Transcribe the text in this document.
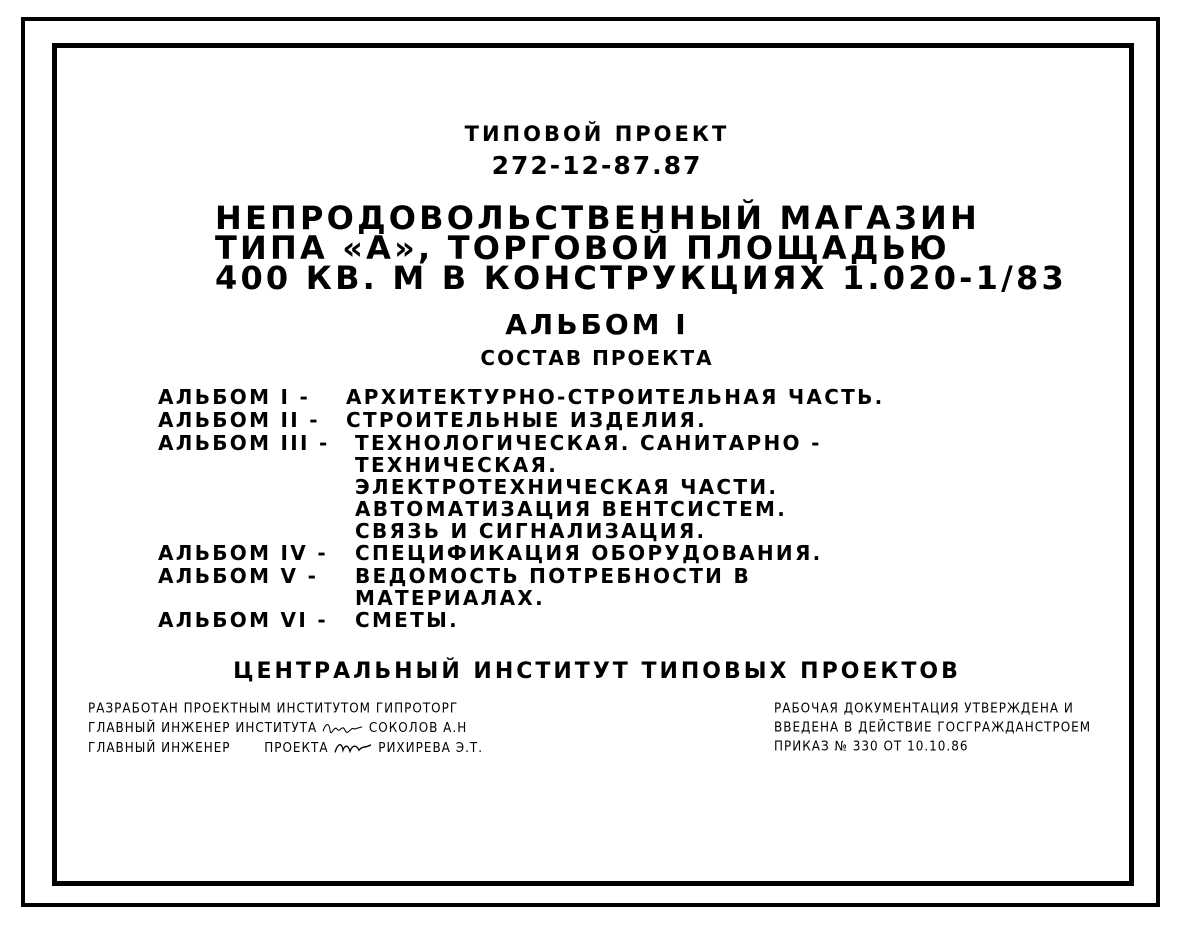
ТИПОВОЙ ПРОЕКТ
272-12-87.87
НЕПРОДОВОЛЬСТВЕННЫЙ МАГАЗИН
ТИПА «А», ТОРГОВОЙ ПЛОЩАДЬЮ
400 КВ. М В КОНСТРУКЦИЯХ 1.020-1/83
АЛЬБОМ I
СОСТАВ ПРОЕКТА
АЛЬБОМ I - АРХИТЕКТУРНО-СТРОИТЕЛЬНАЯ ЧАСТЬ.
АЛЬБОМ II - СТРОИТЕЛЬНЫЕ ИЗДЕЛИЯ.
АЛЬБОМ III - ТЕХНОЛОГИЧЕСКАЯ. САНИТАРНО -
ТЕХНИЧЕСКАЯ.
ЭЛЕКТРОТЕХНИЧЕСКАЯ ЧАСТИ.
АВТОМАТИЗАЦИЯ ВЕНТСИСТЕМ.
СВЯЗЬ И СИГНАЛИЗАЦИЯ.
АЛЬБОМ IV - СПЕЦИФИКАЦИЯ ОБОРУДОВАНИЯ.
АЛЬБОМ V - ВЕДОМОСТЬ ПОТРЕБНОСТИ В
МАТЕРИАЛАХ.
АЛЬБОМ VI - СМЕТЫ.
ЦЕНТРАЛЬНЫЙ ИНСТИТУТ ТИПОВЫХ ПРОЕКТОВ
РАЗРАБОТАН ПРОЕКТНЫМ ИНСТИТУТОМ ГИПРОТОРГ
ГЛАВНЫЙ ИНЖЕНЕР ИНСТИТУТА	СОКОЛОВ А.Н
ГЛАВНЫЙ ИНЖЕНЕР	ПРОЕКТА	РИХИРЕВА Э.Т.
РАБОЧАЯ ДОКУМЕНТАЦИЯ УТВЕРЖДЕНА И
ВВЕДЕНА В ДЕЙСТВИЕ ГОСГРАЖДАНСТРОЕМ
ПРИКАЗ № 330 ОТ 10.10.86
